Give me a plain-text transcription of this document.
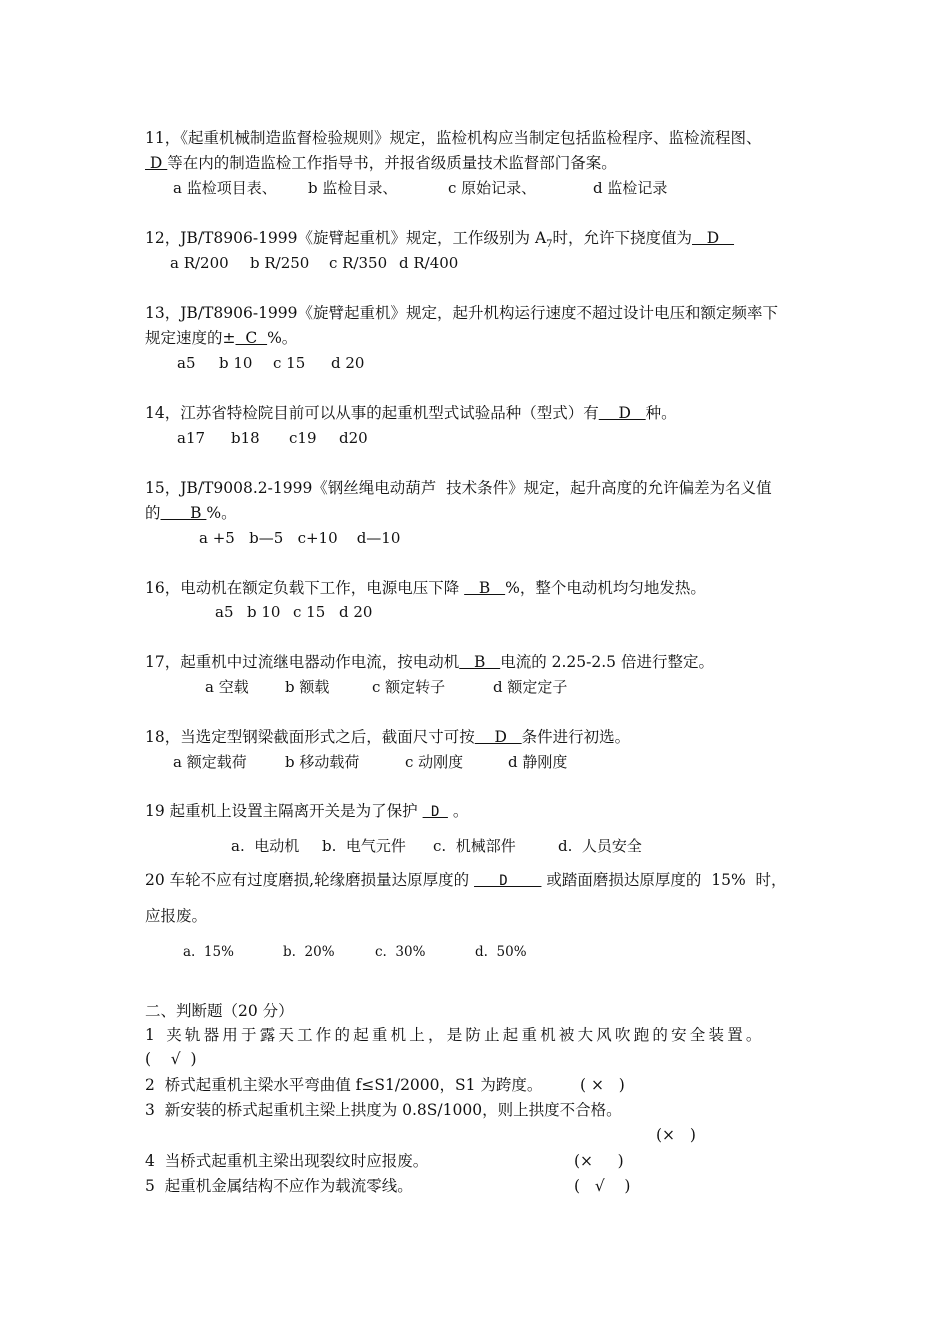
11，《起重机械制造监督检验规则》规定，监检机构应当制定包括监检程序、监检流程图、
D 等在内的制造监检工作指导书，并报省级质量技术监督部门备案。
a 监检项目表、 b 监检目录、	c 原始记录、	d 监检记录
12，JB/T8906-1999《旋臂起重机》规定，工作级别为 $A_7$时，允许下挠度值为   D
a R/200 b R/250 c R/350 d R/400
13，JB/T8906-1999《旋臂起重机》规定，起升机构运行速度不超过设计电压和额定频率下
规定速度的±  C  %。
a5 b 10 c 15 d 20
14，江苏省特检院目前可以从事的起重机型式试验品种（型式）有    D   种。
a17 b18 c19 d20
15，JB/T9008.2-1999《钢丝绳电动葫芦  技术条件》规定，起升高度的允许偏差为名义值
的      B %。
a +5   b—5   c+10    d—10
16，电动机在额定负载下工作，电源电压下降    B   %，整个电动机均匀地发热。
a5 b 10 c 15 d 20
17，起重机中过流继电器动作电流，按电动机   B   电流的 2.25-2.5 倍进行整定。
a 空载 b 额载	c 额定转子	d 额定定子
18，当选定型钢梁截面形式之后，截面尺寸可按    D   条件进行初选。
a 额定载荷	b 移动载荷	c 动刚度	d 静刚度
19 起重机上设置主隔离开关是为了保护  D  。
a.  电动机 b.  电气元件 c.  机械部件	d.  人员安全
20 车轮不应有过度磨损,轮缘磨损量达原厚度的    D     或踏面磨损达原厚度的  15%  时，
应报废。
a.  15%	b.  20%	c.  30%	d.  50%
二、判断题（20 分）
1 夹轨器用于露天工作的起重机上，是防止起重机被大风吹跑的安全装置。
(    √  )
2  桥式起重机主梁水平弯曲值 f≤S1/2000，S1 为跨度。 ( ×   )
3  新安装的桥式起重机主梁上拱度为 0.8S/1000，则上拱度不合格。
(×   )
4  当桥式起重机主梁出现裂纹时应报废。	(×     )
5  起重机金属结构不应作为载流零线。	(   √    )
